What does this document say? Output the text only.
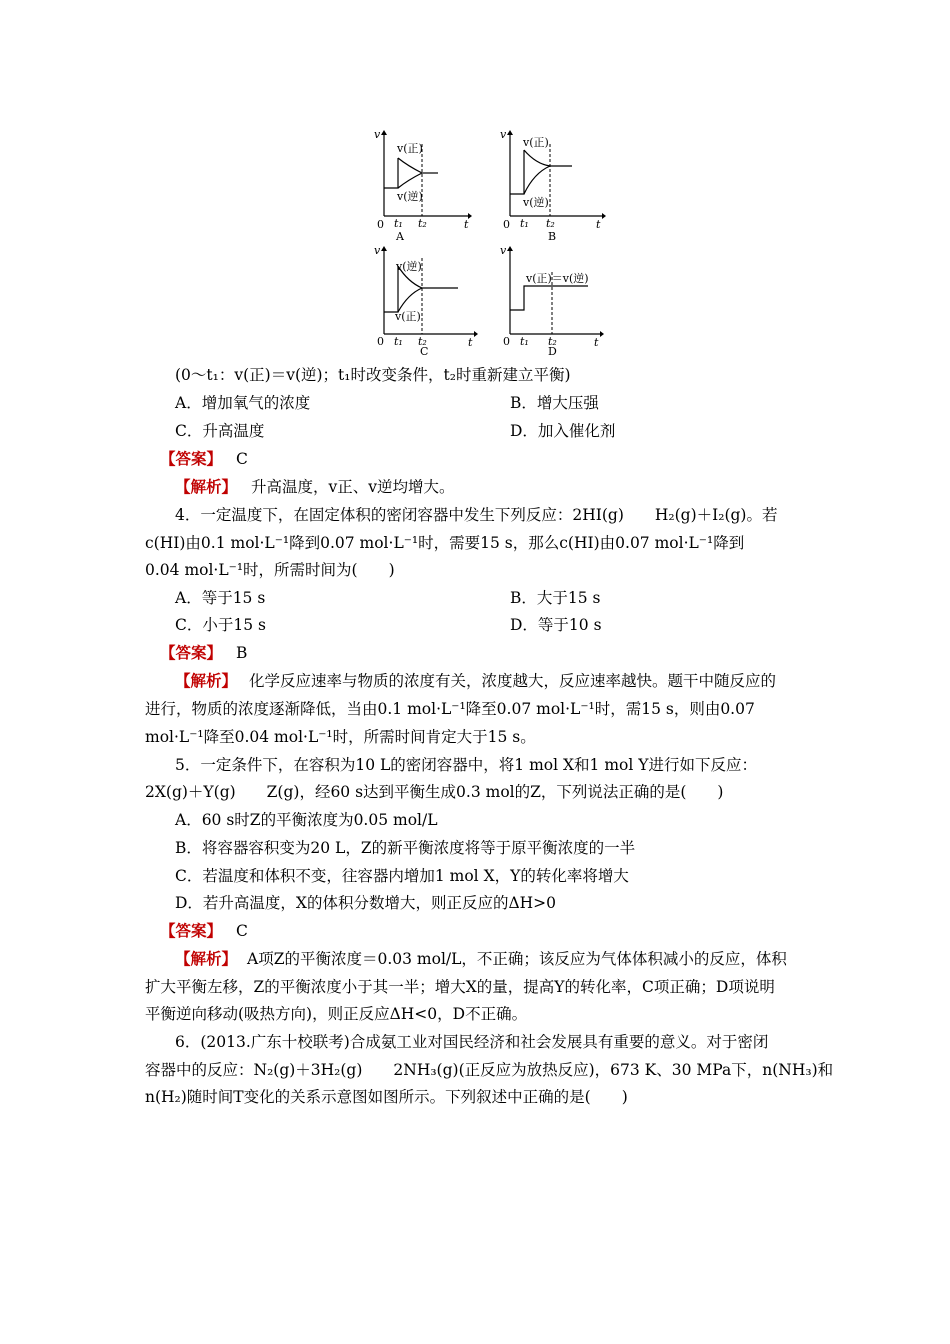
v(正)
v(逆)
0
v
t
t₁ t₂
A
v(正)
v(逆)
0
v
t
t₁ t₂
B
v(逆)
v(正)
0
v
t
t₁ t₂
C
v(正)＝v(逆)
0
v
t
t₁ t₂
D
(0～t₁：v(正)＝v(逆)；t₁时改变条件，t₂时重新建立平衡)
A．增加氧气的浓度	B．增大压强
C．升高温度	D．加入催化剂
【答案】 C
【解析】 升高温度，v正、v逆均增大。
4．一定温度下，在固定体积的密闭容器中发生下列反应：2HI(g)　　H₂(g)＋I₂(g)。若
c(HI)由0.1 mol·L⁻¹降到0.07 mol·L⁻¹时，需要15 s，那么c(HI)由0.07 mol·L⁻¹降到
0.04 mol·L⁻¹时，所需时间为(　　)
A．等于15 s	B．大于15 s
C．小于15 s	D．等于10 s
【答案】 B
【解析】 化学反应速率与物质的浓度有关，浓度越大，反应速率越快。题干中随反应的
进行，物质的浓度逐渐降低，当由0.1 mol·L⁻¹降至0.07 mol·L⁻¹时，需15 s，则由0.07
mol·L⁻¹降至0.04 mol·L⁻¹时，所需时间肯定大于15 s。
5．一定条件下，在容积为10 L的密闭容器中，将1 mol X和1 mol Y进行如下反应：
2X(g)＋Y(g)　　Z(g)，经60 s达到平衡生成0.3 mol的Z，下列说法正确的是(　　)
A．60 s时Z的平衡浓度为0.05 mol/L
B．将容器容积变为20 L，Z的新平衡浓度将等于原平衡浓度的一半
C．若温度和体积不变，往容器内增加1 mol X，Y的转化率将增大
D．若升高温度，X的体积分数增大，则正反应的ΔH>0
【答案】 C
【解析】 A项Z的平衡浓度＝0.03 mol/L，不正确；该反应为气体体积减小的反应，体积
扩大平衡左移，Z的平衡浓度小于其一半；增大X的量，提高Y的转化率，C项正确；D项说明
平衡逆向移动(吸热方向)，则正反应ΔH<0，D不正确。
6．(2013.广东十校联考)合成氨工业对国民经济和社会发展具有重要的意义。对于密闭
容器中的反应：N₂(g)＋3H₂(g)　　2NH₃(g)(正反应为放热反应)，673 K、30 MPa下，n(NH₃)和
n(H₂)随时间T变化的关系示意图如图所示。下列叙述中正确的是(　　)
